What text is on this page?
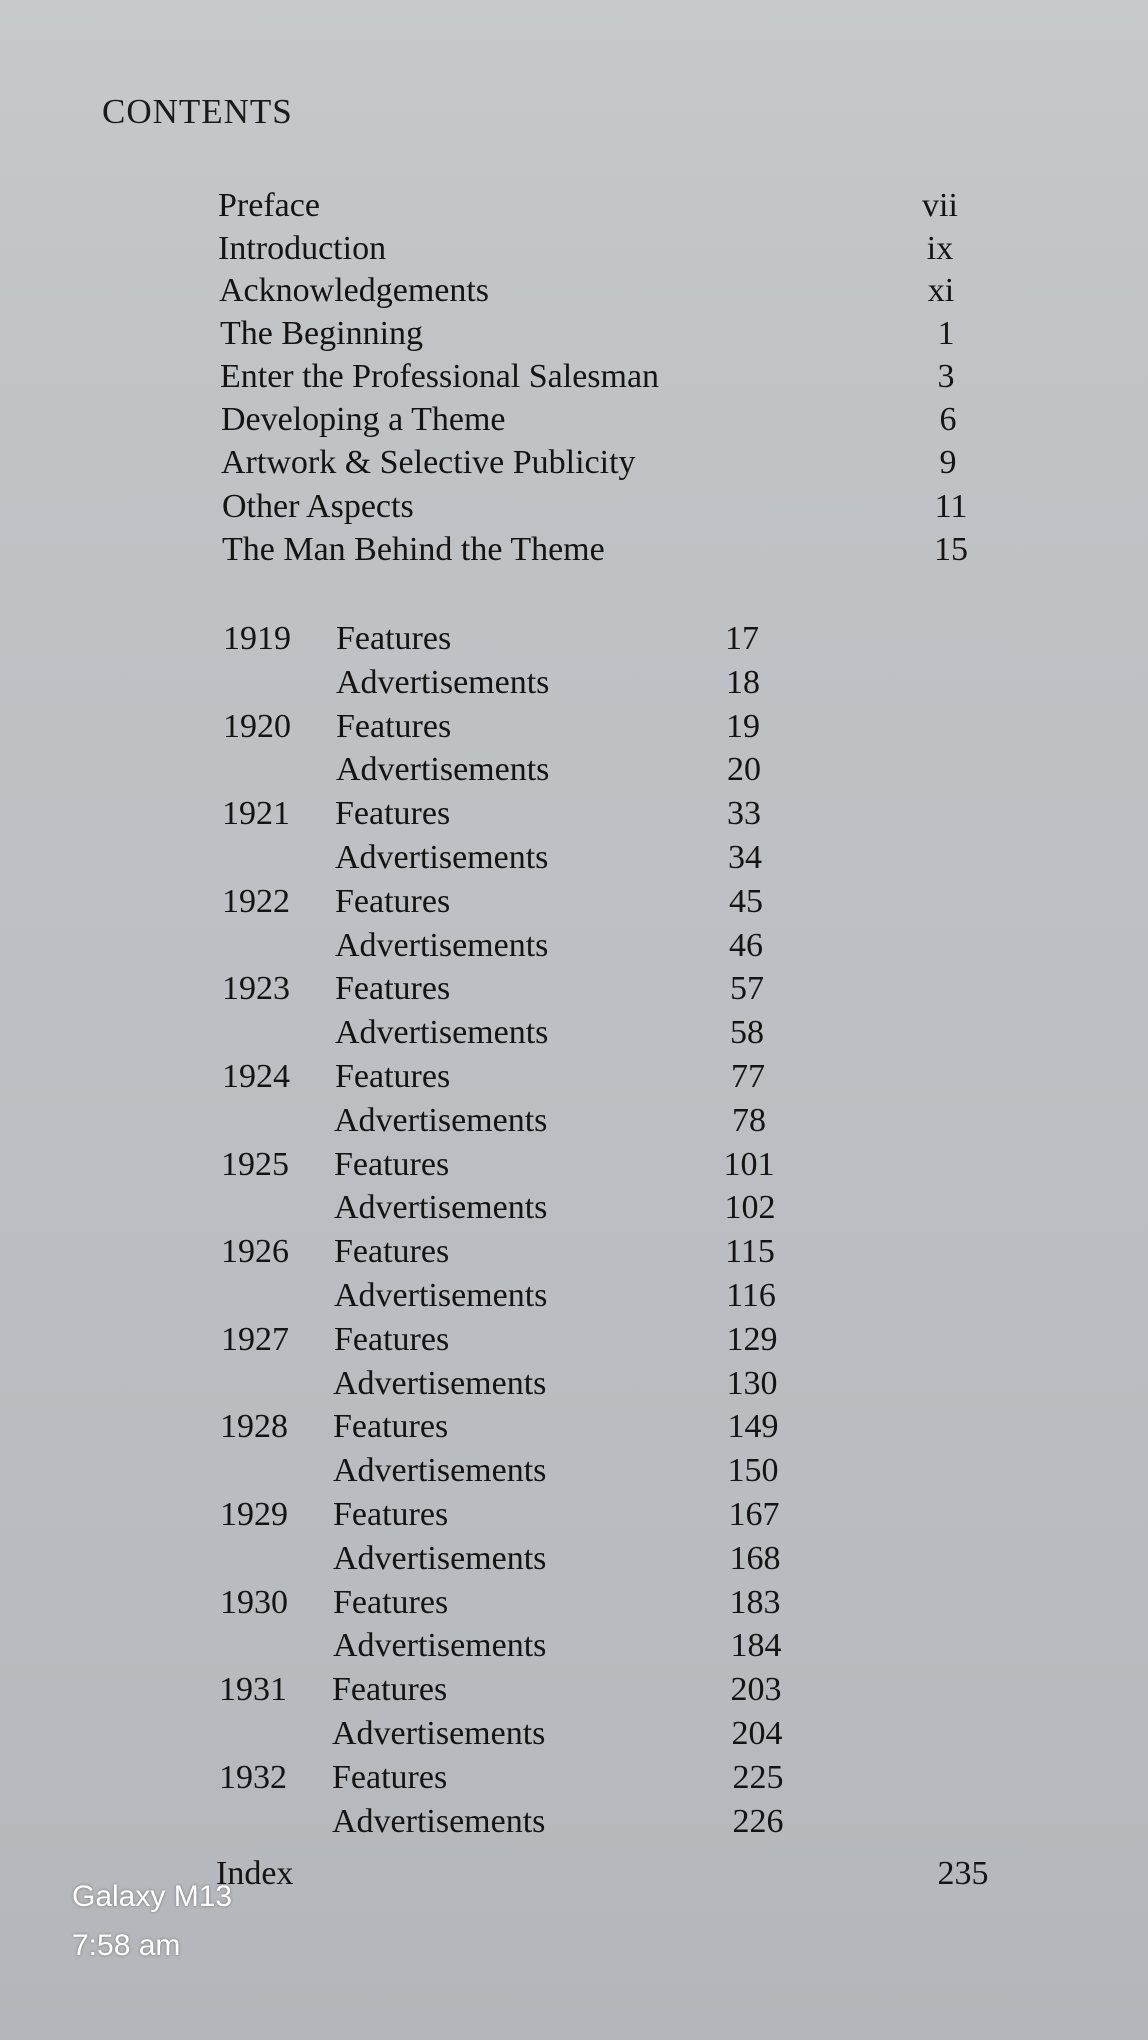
CONTENTS
Preface	vii
Introduction	ix
Acknowledgements	xi
The Beginning	1
Enter the Professional Salesman	3
Developing a Theme	6
Artwork & Selective Publicity	9
Other Aspects	11
The Man Behind the Theme	15
1919 Features	17
Advertisements	18
1920 Features	19
Advertisements	20
1921 Features	33
Advertisements	34
1922 Features	45
Advertisements	46
1923 Features	57
Advertisements	58
1924 Features	77
Advertisements	78
1925 Features	101
Advertisements	102
1926 Features	115
Advertisements	116
1927 Features	129
Advertisements	130
1928 Features	149
Advertisements	150
1929 Features	167
Advertisements	168
1930 Features	183
Advertisements	184
1931 Features	203
Advertisements	204
1932 Features	225
Advertisements	226
Index	235
Galaxy M13
7:58 am
